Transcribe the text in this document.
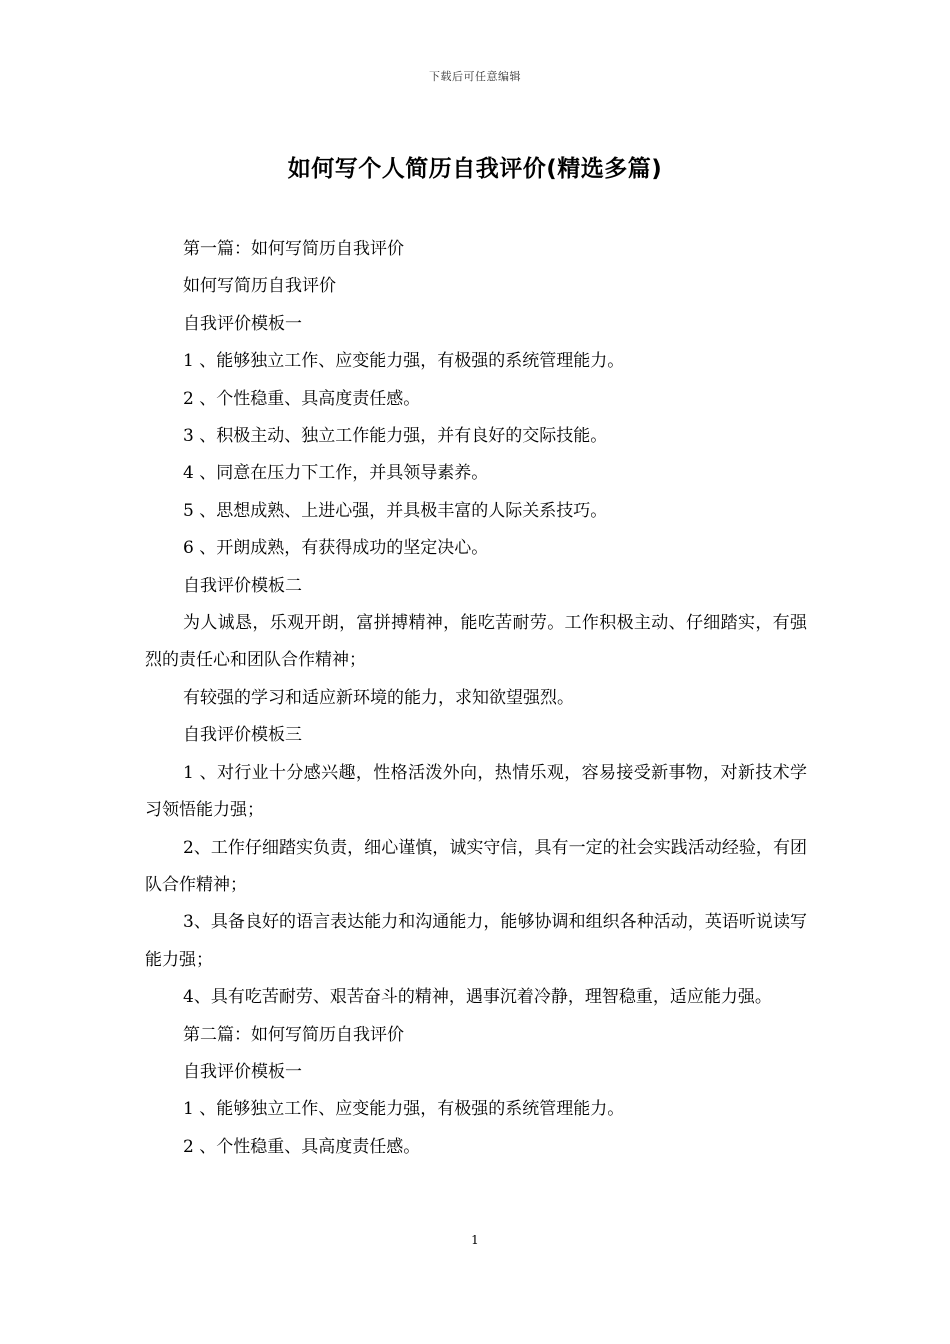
下载后可任意编辑
如何写个人简历自我评价(精选多篇)

第一篇：如何写简历自我评价

如何写简历自我评价

自我评价模板一

1 、能够独立工作、应变能力强，有极强的系统管理能力。

2 、个性稳重、具高度责任感。

3 、积极主动、独立工作能力强，并有良好的交际技能。

4 、同意在压力下工作，并具领导素养。

5 、思想成熟、上进心强，并具极丰富的人际关系技巧。

6 、开朗成熟，有获得成功的坚定决心。

自我评价模板二

为人诚恳，乐观开朗，富拼搏精神，能吃苦耐劳。工作积极主动、仔细踏实，有强烈的责任心和团队合作精神；

有较强的学习和适应新环境的能力，求知欲望强烈。

自我评价模板三

1 、对行业十分感兴趣，性格活泼外向，热情乐观，容易接受新事物，对新技术学习领悟能力强；

2、工作仔细踏实负责，细心谨慎，诚实守信，具有一定的社会实践活动经验，有团队合作精神；

3、具备良好的语言表达能力和沟通能力，能够协调和组织各种活动，英语听说读写能力强；

4、具有吃苦耐劳、艰苦奋斗的精神，遇事沉着冷静，理智稳重，适应能力强。

第二篇：如何写简历自我评价

自我评价模板一

1 、能够独立工作、应变能力强，有极强的系统管理能力。

2 、个性稳重、具高度责任感。

1
